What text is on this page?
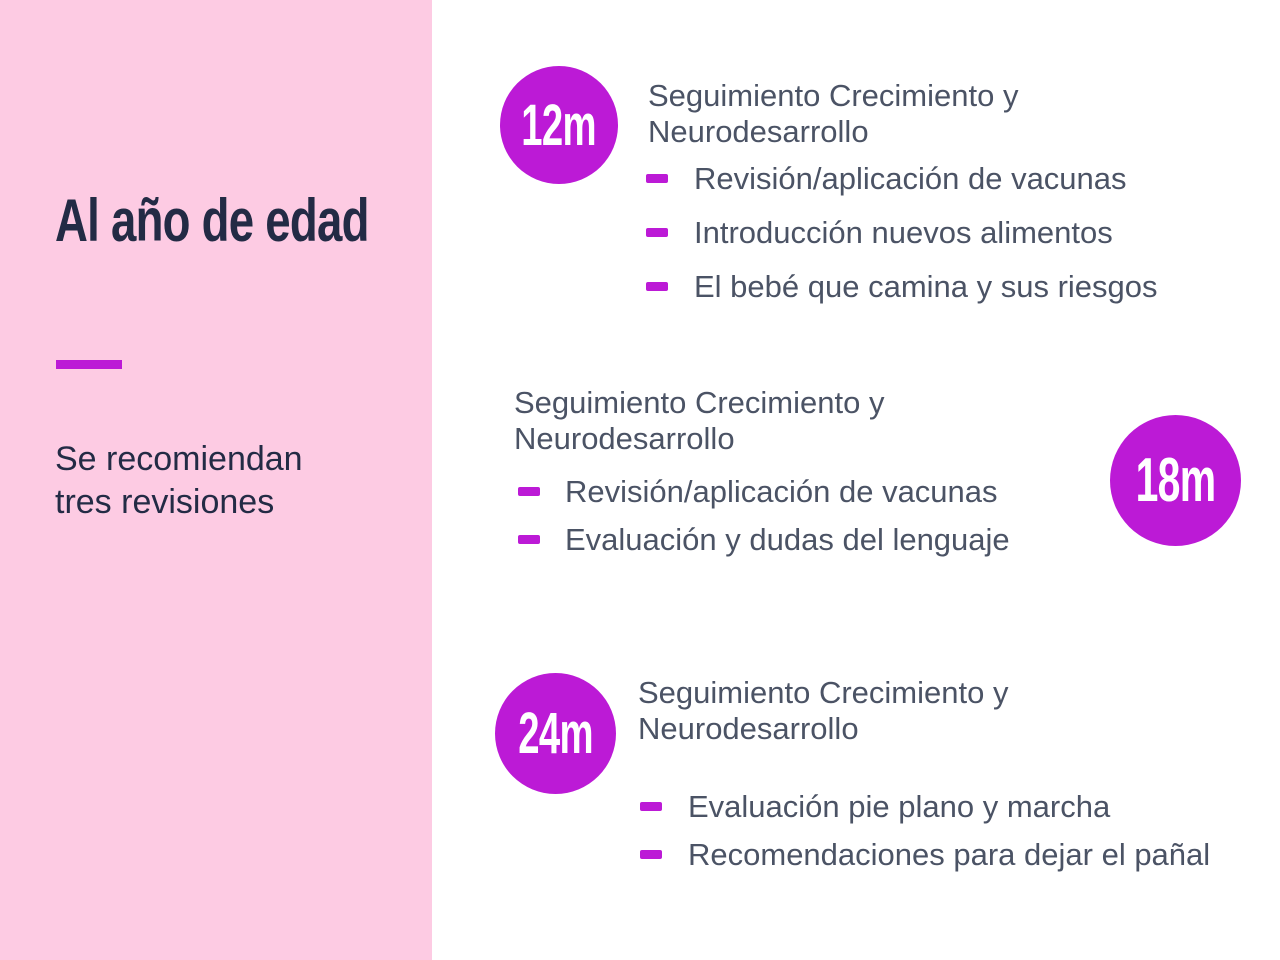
Al año de edad
Se recomiendan tres revisiones
12m Seguimiento Crecimiento y Neurodesarrollo
Revisión/aplicación de vacunas
Introducción nuevos alimentos
El bebé que camina y sus riesgos
Seguimiento Crecimiento y Neurodesarrollo
Revisión/aplicación de vacunas
Evaluación y dudas del lenguaje
18m
24m
Seguimiento Crecimiento y Neurodesarrollo
Evaluación pie plano y marcha
Recomendaciones para dejar el pañal
